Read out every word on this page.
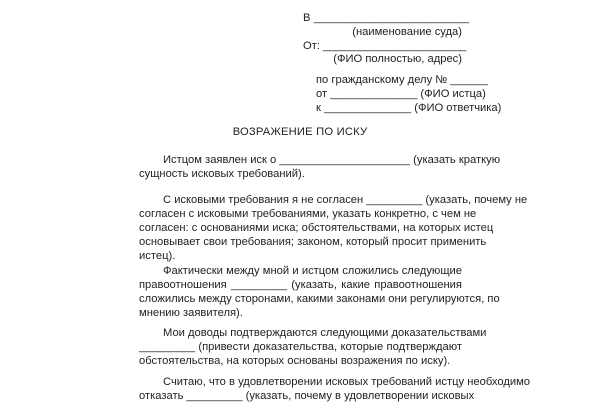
В _________________________
(наименование суда)
От: _______________________
(ФИО полностью, адрес)
по гражданскому делу № ______
от ______________ (ФИО истца)
к ______________ (ФИО ответчика)
ВОЗРАЖЕНИЕ ПО ИСКУ
Истцом заявлен иск о _____________________ (указать краткую
сущность исковых требований).
С исковыми требования я не согласен _________ (указать, почему не
согласен с исковыми требованиями, указать конкретно, с чем не
согласен: с основаниями иска; обстоятельствами, на которых истец
основывает свои требования; законом, который просит применить
истец).
Фактически между мной и истцом сложились следующие
правоотношения _________ (указать, какие правоотношения
сложились между сторонами, какими законами они регулируются, по
мнению заявителя).
Мои доводы подтверждаются следующими доказательствами
_________ (привести доказательства, которые подтверждают
обстоятельства, на которых основаны возражения по иску).
Считаю, что в удовлетворении исковых требований истцу необходимо
отказать _________ (указать, почему в удовлетворении исковых
